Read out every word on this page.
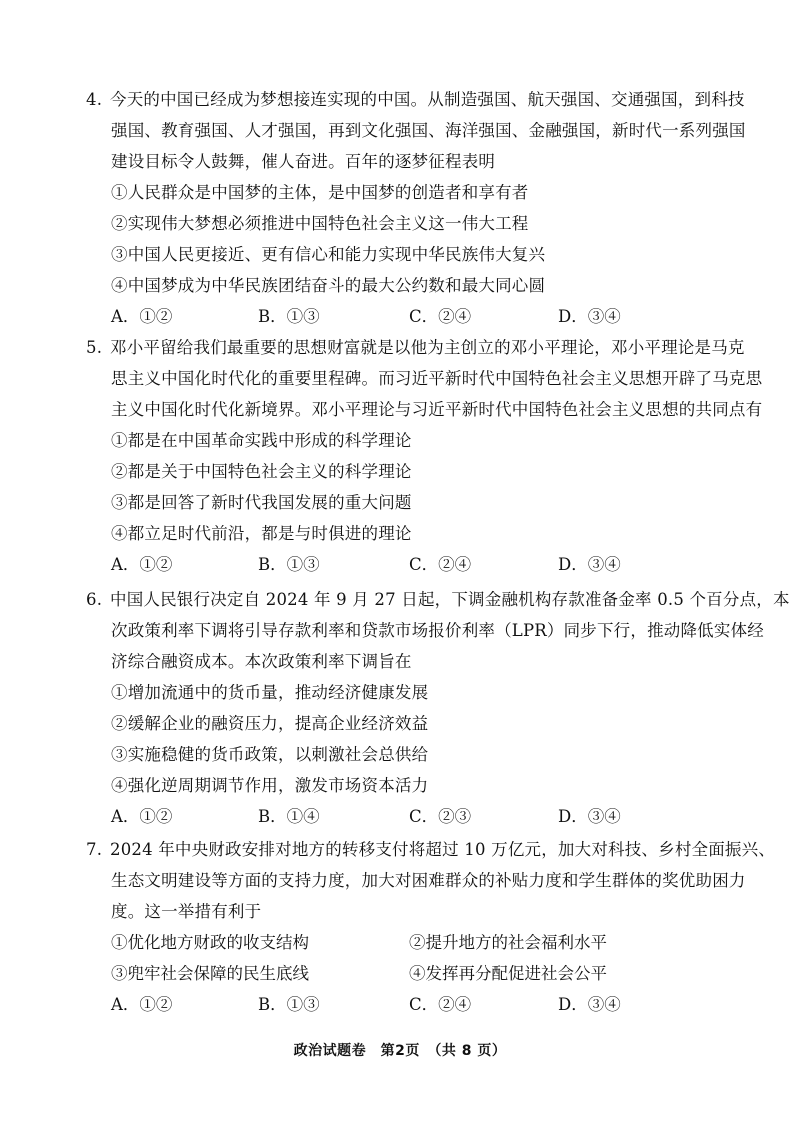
4. 今天的中国已经成为梦想接连实现的中国。从制造强国、航天强国、交通强国，到科技
强国、教育强国、人才强国，再到文化强国、海洋强国、金融强国，新时代一系列强国
建设目标令人鼓舞，催人奋进。百年的逐梦征程表明
①人民群众是中国梦的主体，是中国梦的创造者和享有者
②实现伟大梦想必须推进中国特色社会主义这一伟大工程
③中国人民更接近、更有信心和能力实现中华民族伟大复兴
④中国梦成为中华民族团结奋斗的最大公约数和最大同心圆
A．①②	B．①③	C．②④	D．③④
5. 邓小平留给我们最重要的思想财富就是以他为主创立的邓小平理论，邓小平理论是马克
思主义中国化时代化的重要里程碑。而习近平新时代中国特色社会主义思想开辟了马克思
主义中国化时代化新境界。邓小平理论与习近平新时代中国特色社会主义思想的共同点有
①都是在中国革命实践中形成的科学理论
②都是关于中国特色社会主义的科学理论
③都是回答了新时代我国发展的重大问题
④都立足时代前沿，都是与时俱进的理论
A．①②	B．①③	C．②④	D．③④
6. 中国人民银行决定自 2024 年 9 月 27 日起，下调金融机构存款准备金率 0.5 个百分点，本
次政策利率下调将引导存款利率和贷款市场报价利率（LPR）同步下行，推动降低实体经
济综合融资成本。本次政策利率下调旨在
①增加流通中的货币量，推动经济健康发展
②缓解企业的融资压力，提高企业经济效益
③实施稳健的货币政策，以刺激社会总供给
④强化逆周期调节作用，激发市场资本活力
A．①②	B．①④	C．②③	D．③④
7. 2024 年中央财政安排对地方的转移支付将超过 10 万亿元，加大对科技、乡村全面振兴、
生态文明建设等方面的支持力度，加大对困难群众的补贴力度和学生群体的奖优助困力
度。这一举措有利于
①优化地方财政的收支结构	②提升地方的社会福利水平
③兜牢社会保障的民生底线	④发挥再分配促进社会公平
A．①②	B．①③	C．②④	D．③④
政治试题卷　第2页　（共 8 页）
